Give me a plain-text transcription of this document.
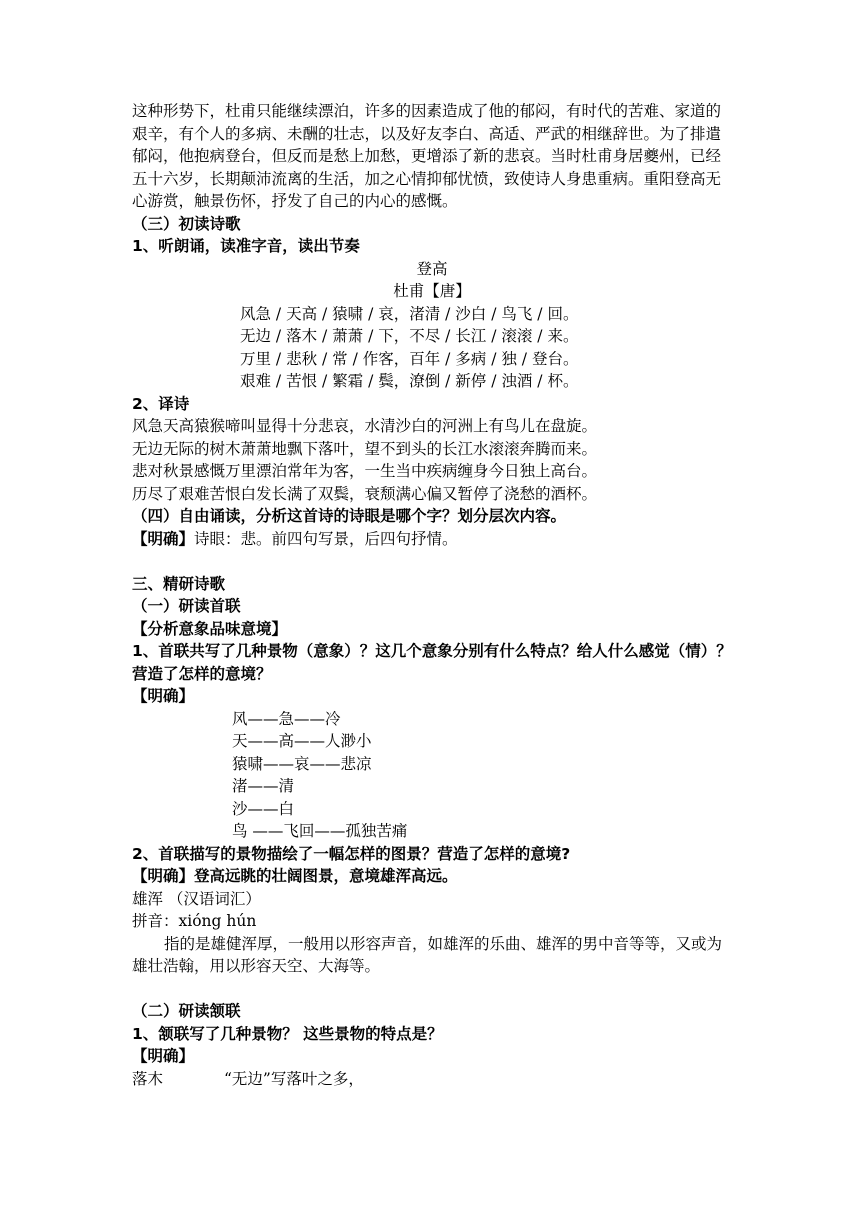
这种形势下，杜甫只能继续漂泊，许多的因素造成了他的郁闷，有时代的苦难、家道的艰辛，有个人的多病、未酬的壮志，以及好友李白、高适、严武的相继辞世。为了排遣郁闷，他抱病登台，但反而是愁上加愁，更增添了新的悲哀。当时杜甫身居夔州，已经五十六岁，长期颠沛流离的生活，加之心情抑郁忧愤，致使诗人身患重病。重阳登高无心游赏，触景伤怀，抒发了自己的内心的感慨。

（三）初读诗歌

1、听朗诵，读准字音，读出节奏

登高

杜甫【唐】

风急 / 天高 / 猿啸 / 哀，渚清 / 沙白 / 鸟飞 / 回。

无边 / 落木 / 萧萧 / 下，不尽 / 长江 / 滚滚 / 来。

万里 / 悲秋 / 常 / 作客，百年 / 多病 / 独 / 登台。

艰难 / 苦恨 / 繁霜 / 鬓，潦倒 / 新停 / 浊酒 / 杯。

2、译诗

风急天高猿猴啼叫显得十分悲哀，水清沙白的河洲上有鸟儿在盘旋。

无边无际的树木萧萧地飘下落叶，望不到头的长江水滚滚奔腾而来。

悲对秋景感慨万里漂泊常年为客，一生当中疾病缠身今日独上高台。

历尽了艰难苦恨白发长满了双鬓，衰颓满心偏又暂停了浇愁的酒杯。

（四）自由诵读，分析这首诗的诗眼是哪个字？划分层次内容。

【明确】诗眼：悲。前四句写景，后四句抒情。

三、精研诗歌

（一）研读首联

【分析意象品味意境】

1、首联共写了几种景物（意象）？这几个意象分别有什么特点？给人什么感觉（情）？营造了怎样的意境？

【明确】

风——急——冷

天——高——人渺小

猿啸——哀——悲凉

渚——清

沙——白

鸟 ——飞回——孤独苦痛

2、首联描写的景物描绘了一幅怎样的图景？营造了怎样的意境?

【明确】登高远眺的壮阔图景，意境雄浑高远。

雄浑 （汉语词汇）

拼音：xióng hún

指的是雄健浑厚，一般用以形容声音，如雄浑的乐曲、雄浑的男中音等等，又或为雄壮浩翰，用以形容天空、大海等。

（二）研读颔联

1、颔联写了几种景物？ 这些景物的特点是？

【明确】

落木	“无边”写落叶之多，
